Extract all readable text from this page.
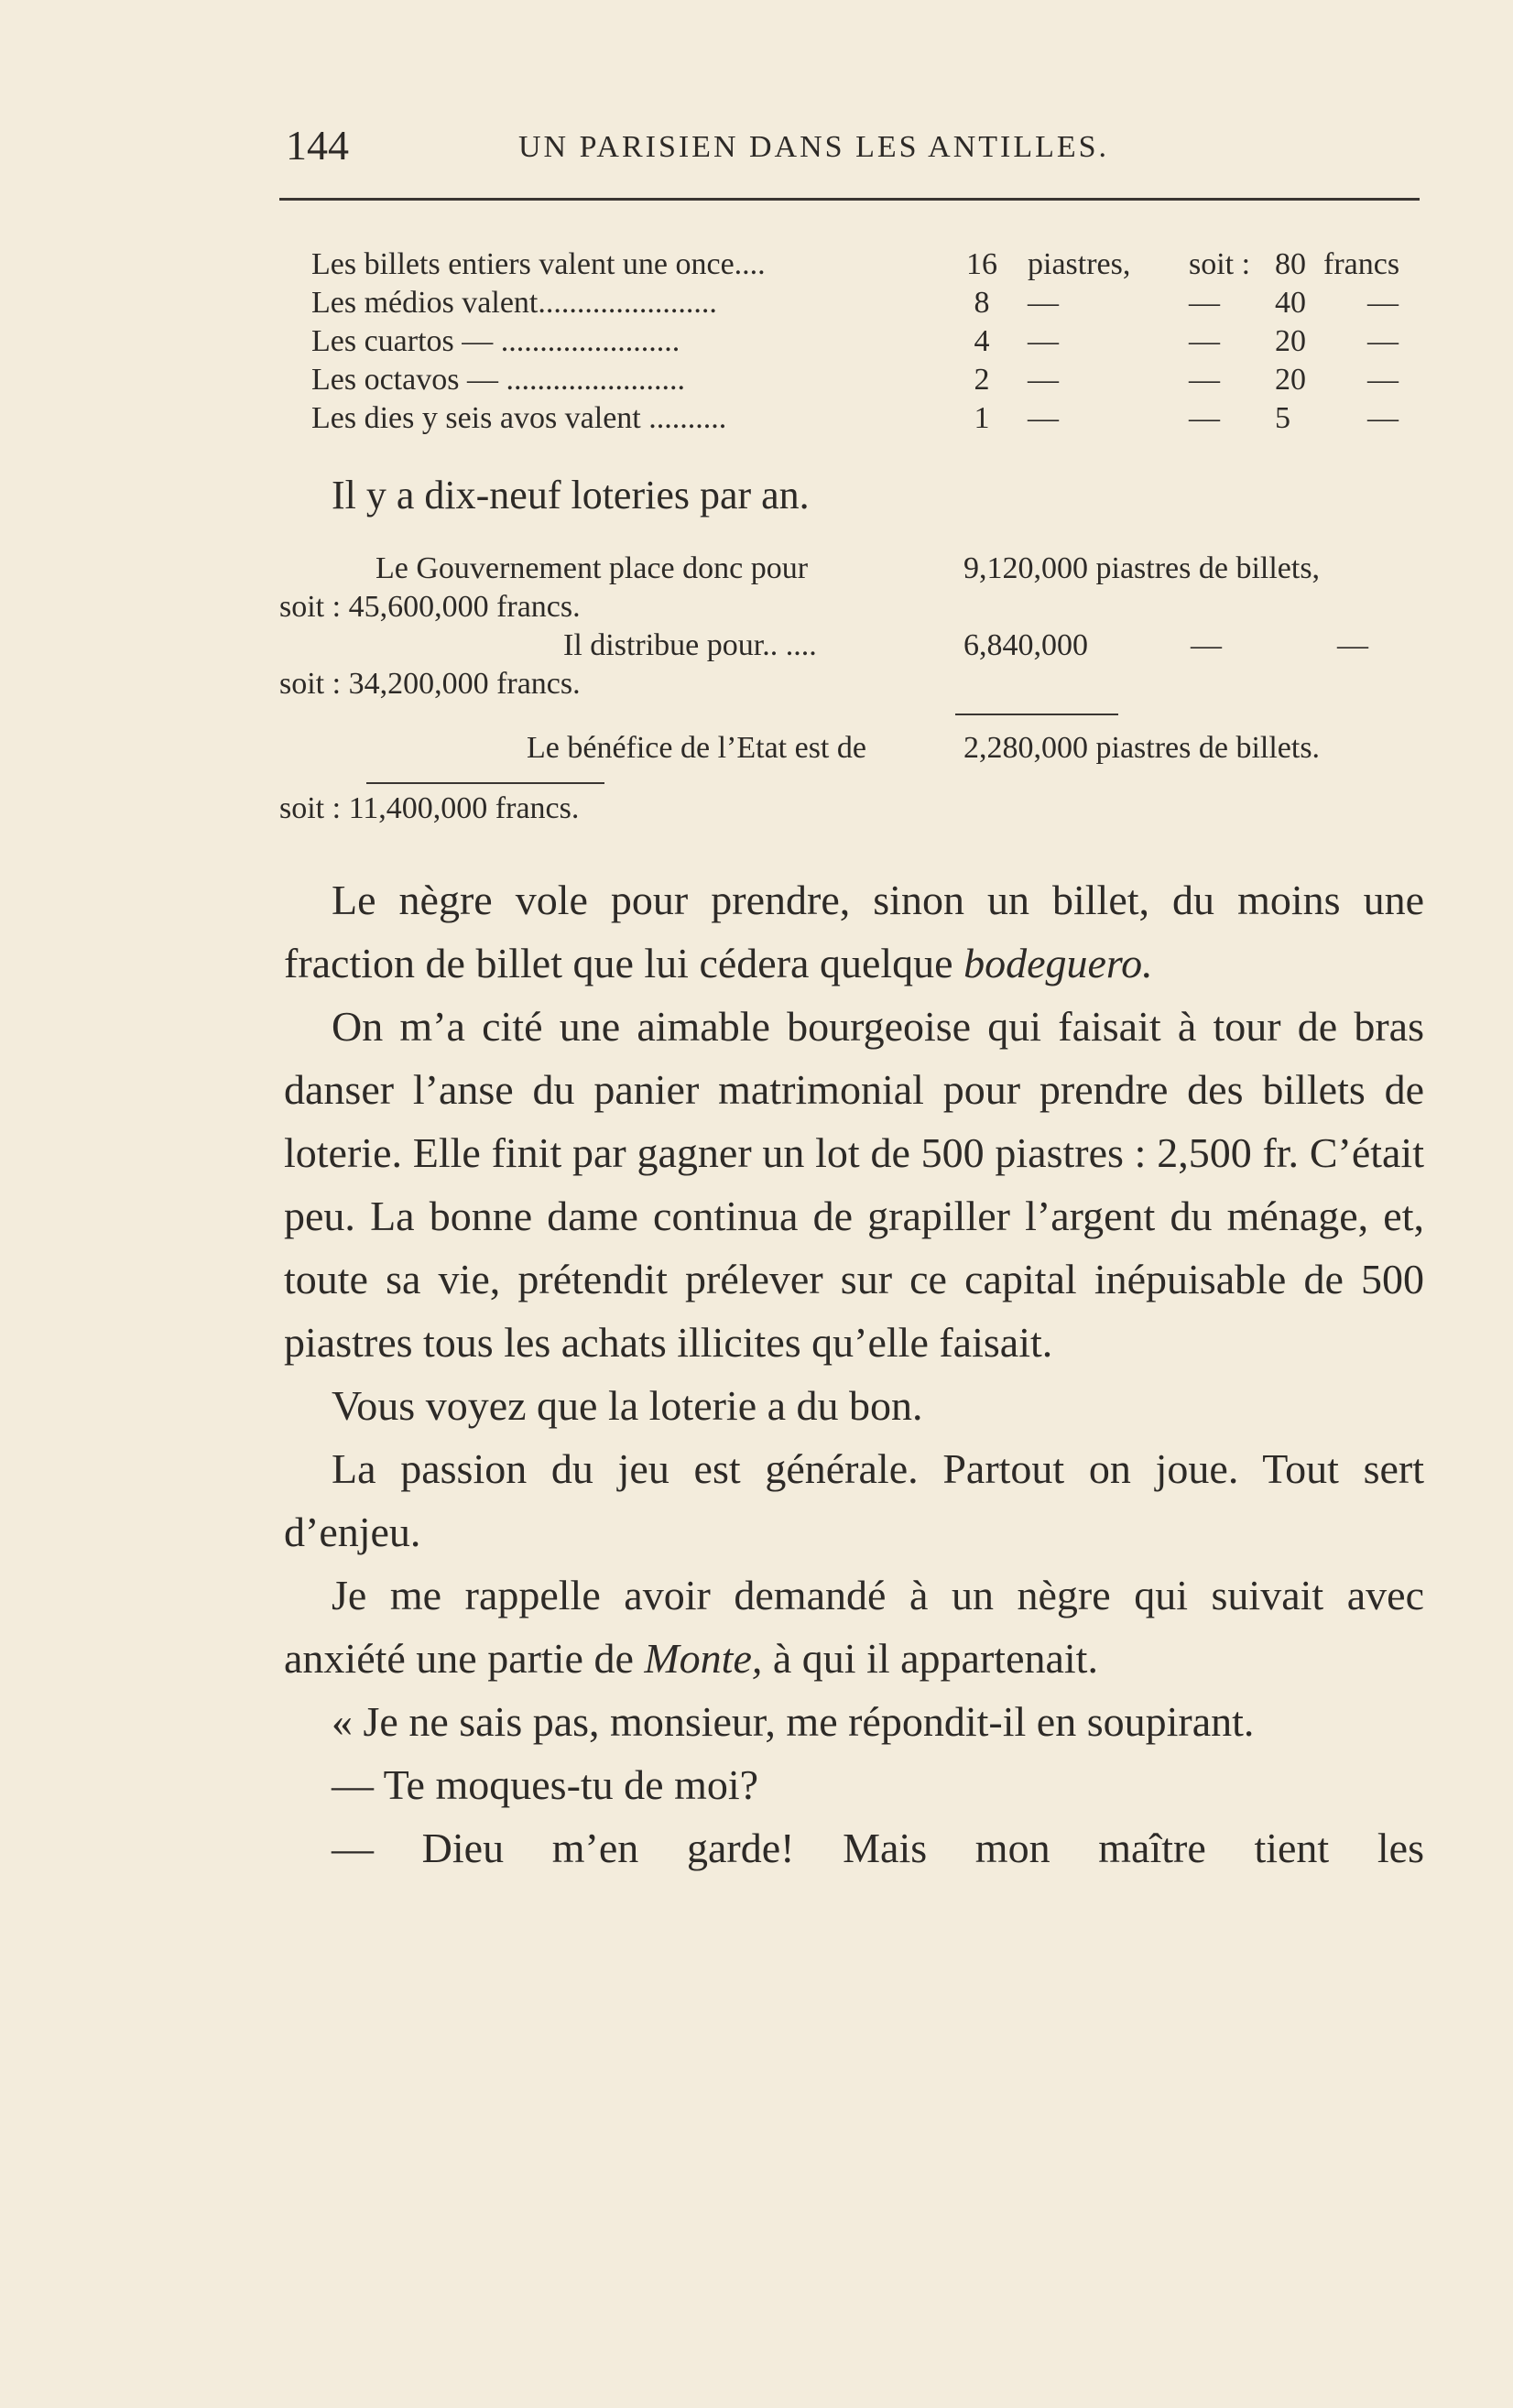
144	UN PARISIEN DANS LES ANTILLES.
Les billets entiers valent une once....	16 piastres, soit : 80 francs
Les médios valent.......................	8	—	— 40 —
Les cuartos — .......................	4	—	— 20 —
Les octavos — .......................	2	—	— 20 —
Les dies y seis avos valent ..........	1	—	— 5 —
Il y a dix-neuf loteries par an.
Le Gouvernement place donc pour	9,120,000 piastres de billets,
soit : 45,600,000 francs.
Il distribue pour.. ....	6,840,000	—	—
soit : 34,200,000 francs.
Le bénéfice de l’Etat est de	2,280,000 piastres de billets.
soit : 11,400,000 francs.

Le nègre vole pour prendre, sinon un billet, du moins une fraction de billet que lui cédera quelque bodeguero.

On m’a cité une aimable bourgeoise qui faisait à tour de bras danser l’anse du panier matrimonial pour prendre des billets de loterie. Elle finit par gagner un lot de 500 piastres : 2,500 fr. C’était peu. La bonne dame continua de grapiller l’argent du ménage, et, toute sa vie, prétendit prélever sur ce capital inépuisable de 500 piastres tous les achats illicites qu’elle faisait.

Vous voyez que la loterie a du bon.

La passion du jeu est générale. Partout on joue. Tout sert d’enjeu.

Je me rappelle avoir demandé à un nègre qui suivait avec anxiété une partie de Monte, à qui il appartenait.

« Je ne sais pas, monsieur, me répondit-il en soupirant.

— Te moques-tu de moi?

— Dieu m’en garde! Mais mon maître tient les
